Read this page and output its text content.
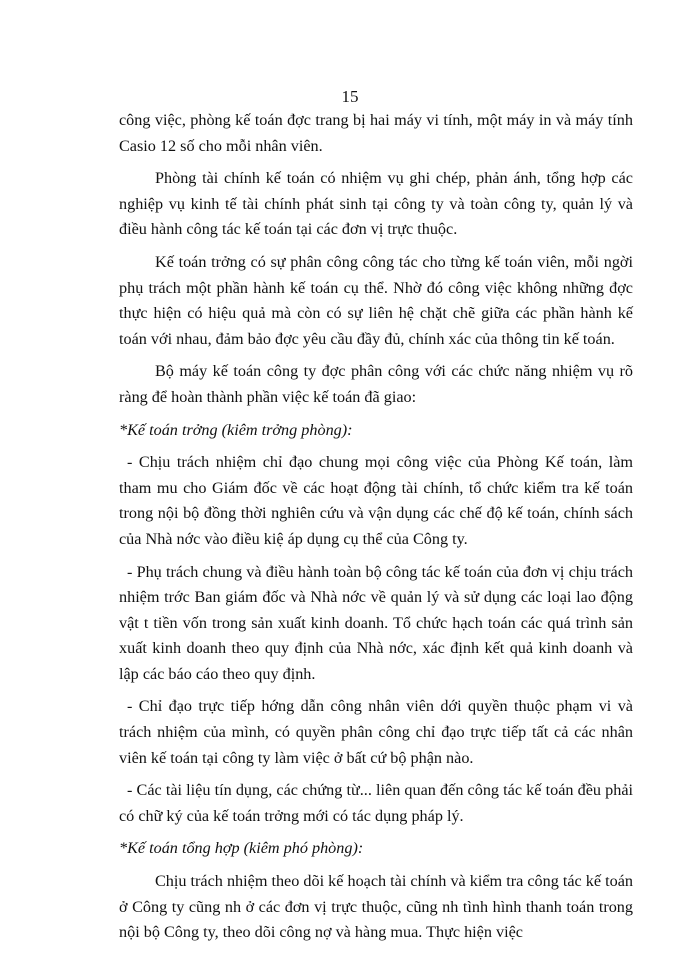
15

công việc, phòng kế toán đợc trang bị hai máy vi tính, một máy in và máy tính Casio 12 số cho mỗi nhân viên.

Phòng tài chính kế toán có nhiệm vụ ghi chép, phản ánh, tổng hợp các nghiệp vụ kinh tế tài chính phát sinh tại công ty và toàn công ty, quản lý và điều hành công tác kế toán tại các đơn vị trực thuộc.

Kế toán trởng có sự phân công công tác cho từng kế toán viên, mỗi ngời phụ trách một phần hành kế toán cụ thể. Nhờ đó công việc không những đợc thực hiện có hiệu quả mà còn có sự liên hệ chặt chẽ giữa các phần hành kế toán với nhau, đảm bảo đợc yêu cầu đầy đủ, chính xác của thông tin kế toán.

Bộ máy kế toán công ty đợc phân công với các chức năng nhiệm vụ rõ ràng để hoàn thành phần việc kế toán đã giao:

*Kế toán trởng (kiêm trởng phòng):

- Chịu trách nhiệm chỉ đạo chung mọi công việc của Phòng Kế toán, làm tham mu cho Giám đốc về các hoạt động tài chính, tổ chức kiểm tra kế toán trong nội bộ đồng thời nghiên cứu và vận dụng các chế độ kế toán, chính sách của Nhà nớc vào điều kiệ áp dụng cụ thể của Công ty.

- Phụ trách chung và điều hành toàn bộ công tác kế toán của đơn vị chịu trách nhiệm trớc Ban giám đốc và Nhà nớc về quản lý và sử dụng các loại lao động vật t tiền vốn trong sản xuất kinh doanh. Tổ chức hạch toán các quá trình sản xuất kinh doanh theo quy định của Nhà nớc, xác định kết quả kinh doanh và lập các báo cáo theo quy định.

- Chỉ đạo trực tiếp hớng dẫn công nhân viên dới quyền thuộc phạm vi và trách nhiệm của mình, có quyền phân công chỉ đạo trực tiếp tất cả các nhân viên kế toán tại công ty làm việc ở bất cứ bộ phận nào.

- Các tài liệu tín dụng, các chứng từ... liên quan đến công tác kế toán đều phải có chữ ký của kế toán trởng mới có tác dụng pháp lý.

*Kế toán tổng hợp (kiêm phó phòng):

Chịu trách nhiệm theo dõi kế hoạch tài chính và kiểm tra công tác kế toán ở Công ty cũng nh ở các đơn vị trực thuộc, cũng nh tình hình thanh toán trong nội bộ Công ty, theo dõi công nợ và hàng mua. Thực hiện việc
